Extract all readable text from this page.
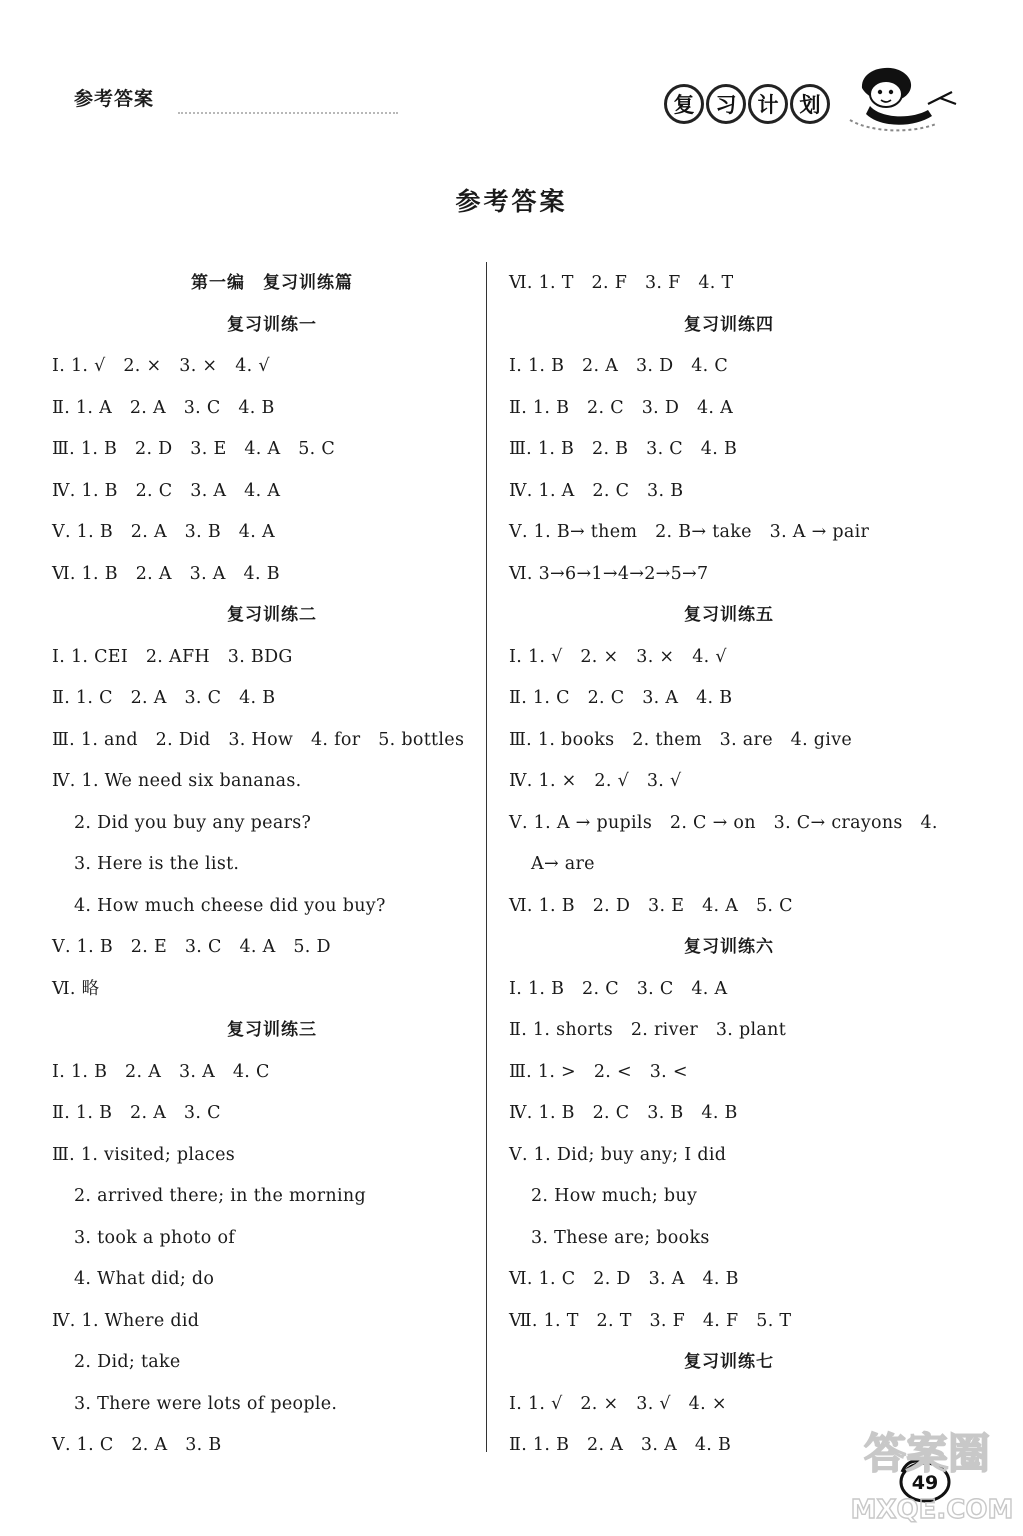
参考答案	复	习	计	划
参考答案
第一编　复习训练篇
复习训练一
Ⅰ. 1. √　2. ×　3. ×　4. √
Ⅱ. 1. A　2. A　3. C　4. B
Ⅲ. 1. B　2. D　3. E　4. A　5. C
Ⅳ. 1. B　2. C　3. A　4. A
Ⅴ. 1. B　2. A　3. B　4. A
Ⅵ. 1. B　2. A　3. A　4. B
复习训练二
Ⅰ. 1. CEI　2. AFH　3. BDG
Ⅱ. 1. C　2. A　3. C　4. B
Ⅲ. 1. and　2. Did　3. How　4. for　5. bottles
Ⅳ. 1. We need six bananas.
2. Did you buy any pears?
3. Here is the list.
4. How much cheese did you buy?
Ⅴ. 1. B　2. E　3. C　4. A　5. D
Ⅵ. 略
复习训练三
Ⅰ. 1. B　2. A　3. A　4. C
Ⅱ. 1. B　2. A　3. C
Ⅲ. 1. visited; places
2. arrived there; in the morning
3. took a photo of
4. What did; do
Ⅳ. 1. Where did
2. Did; take
3. There were lots of people.
Ⅴ. 1. C　2. A　3. B
Ⅵ. 1. T　2. F　3. F　4. T
复习训练四
Ⅰ. 1. B　2. A　3. D　4. C
Ⅱ. 1. B　2. C　3. D　4. A
Ⅲ. 1. B　2. B　3. C　4. B
Ⅳ. 1. A　2. C　3. B
Ⅴ. 1. B→ them　2. B→ take　3. A → pair
Ⅵ. 3→6→1→4→2→5→7
复习训练五
Ⅰ. 1. √　2. ×　3. ×　4. √
Ⅱ. 1. C　2. C　3. A　4. B
Ⅲ. 1. books　2. them　3. are　4. give
Ⅳ. 1. ×　2. √　3. √
Ⅴ. 1. A → pupils　2. C → on　3. C→ crayons　4.
A→ are
Ⅵ. 1. B　2. D　3. E　4. A　5. C
复习训练六
Ⅰ. 1. B　2. C　3. C　4. A
Ⅱ. 1. shorts　2. river　3. plant
Ⅲ. 1. >　2. <　3. <
Ⅳ. 1. B　2. C　3. B　4. B
Ⅴ. 1. Did; buy any; I did
2. How much; buy
3. These are; books
Ⅵ. 1. C　2. D　3. A　4. B
Ⅶ. 1. T　2. T　3. F　4. F　5. T
复习训练七
Ⅰ. 1. √　2. ×　3. √　4. ×
Ⅱ. 1. B　2. A　3. A　4. B
49
答案圈
MXQE.COM
